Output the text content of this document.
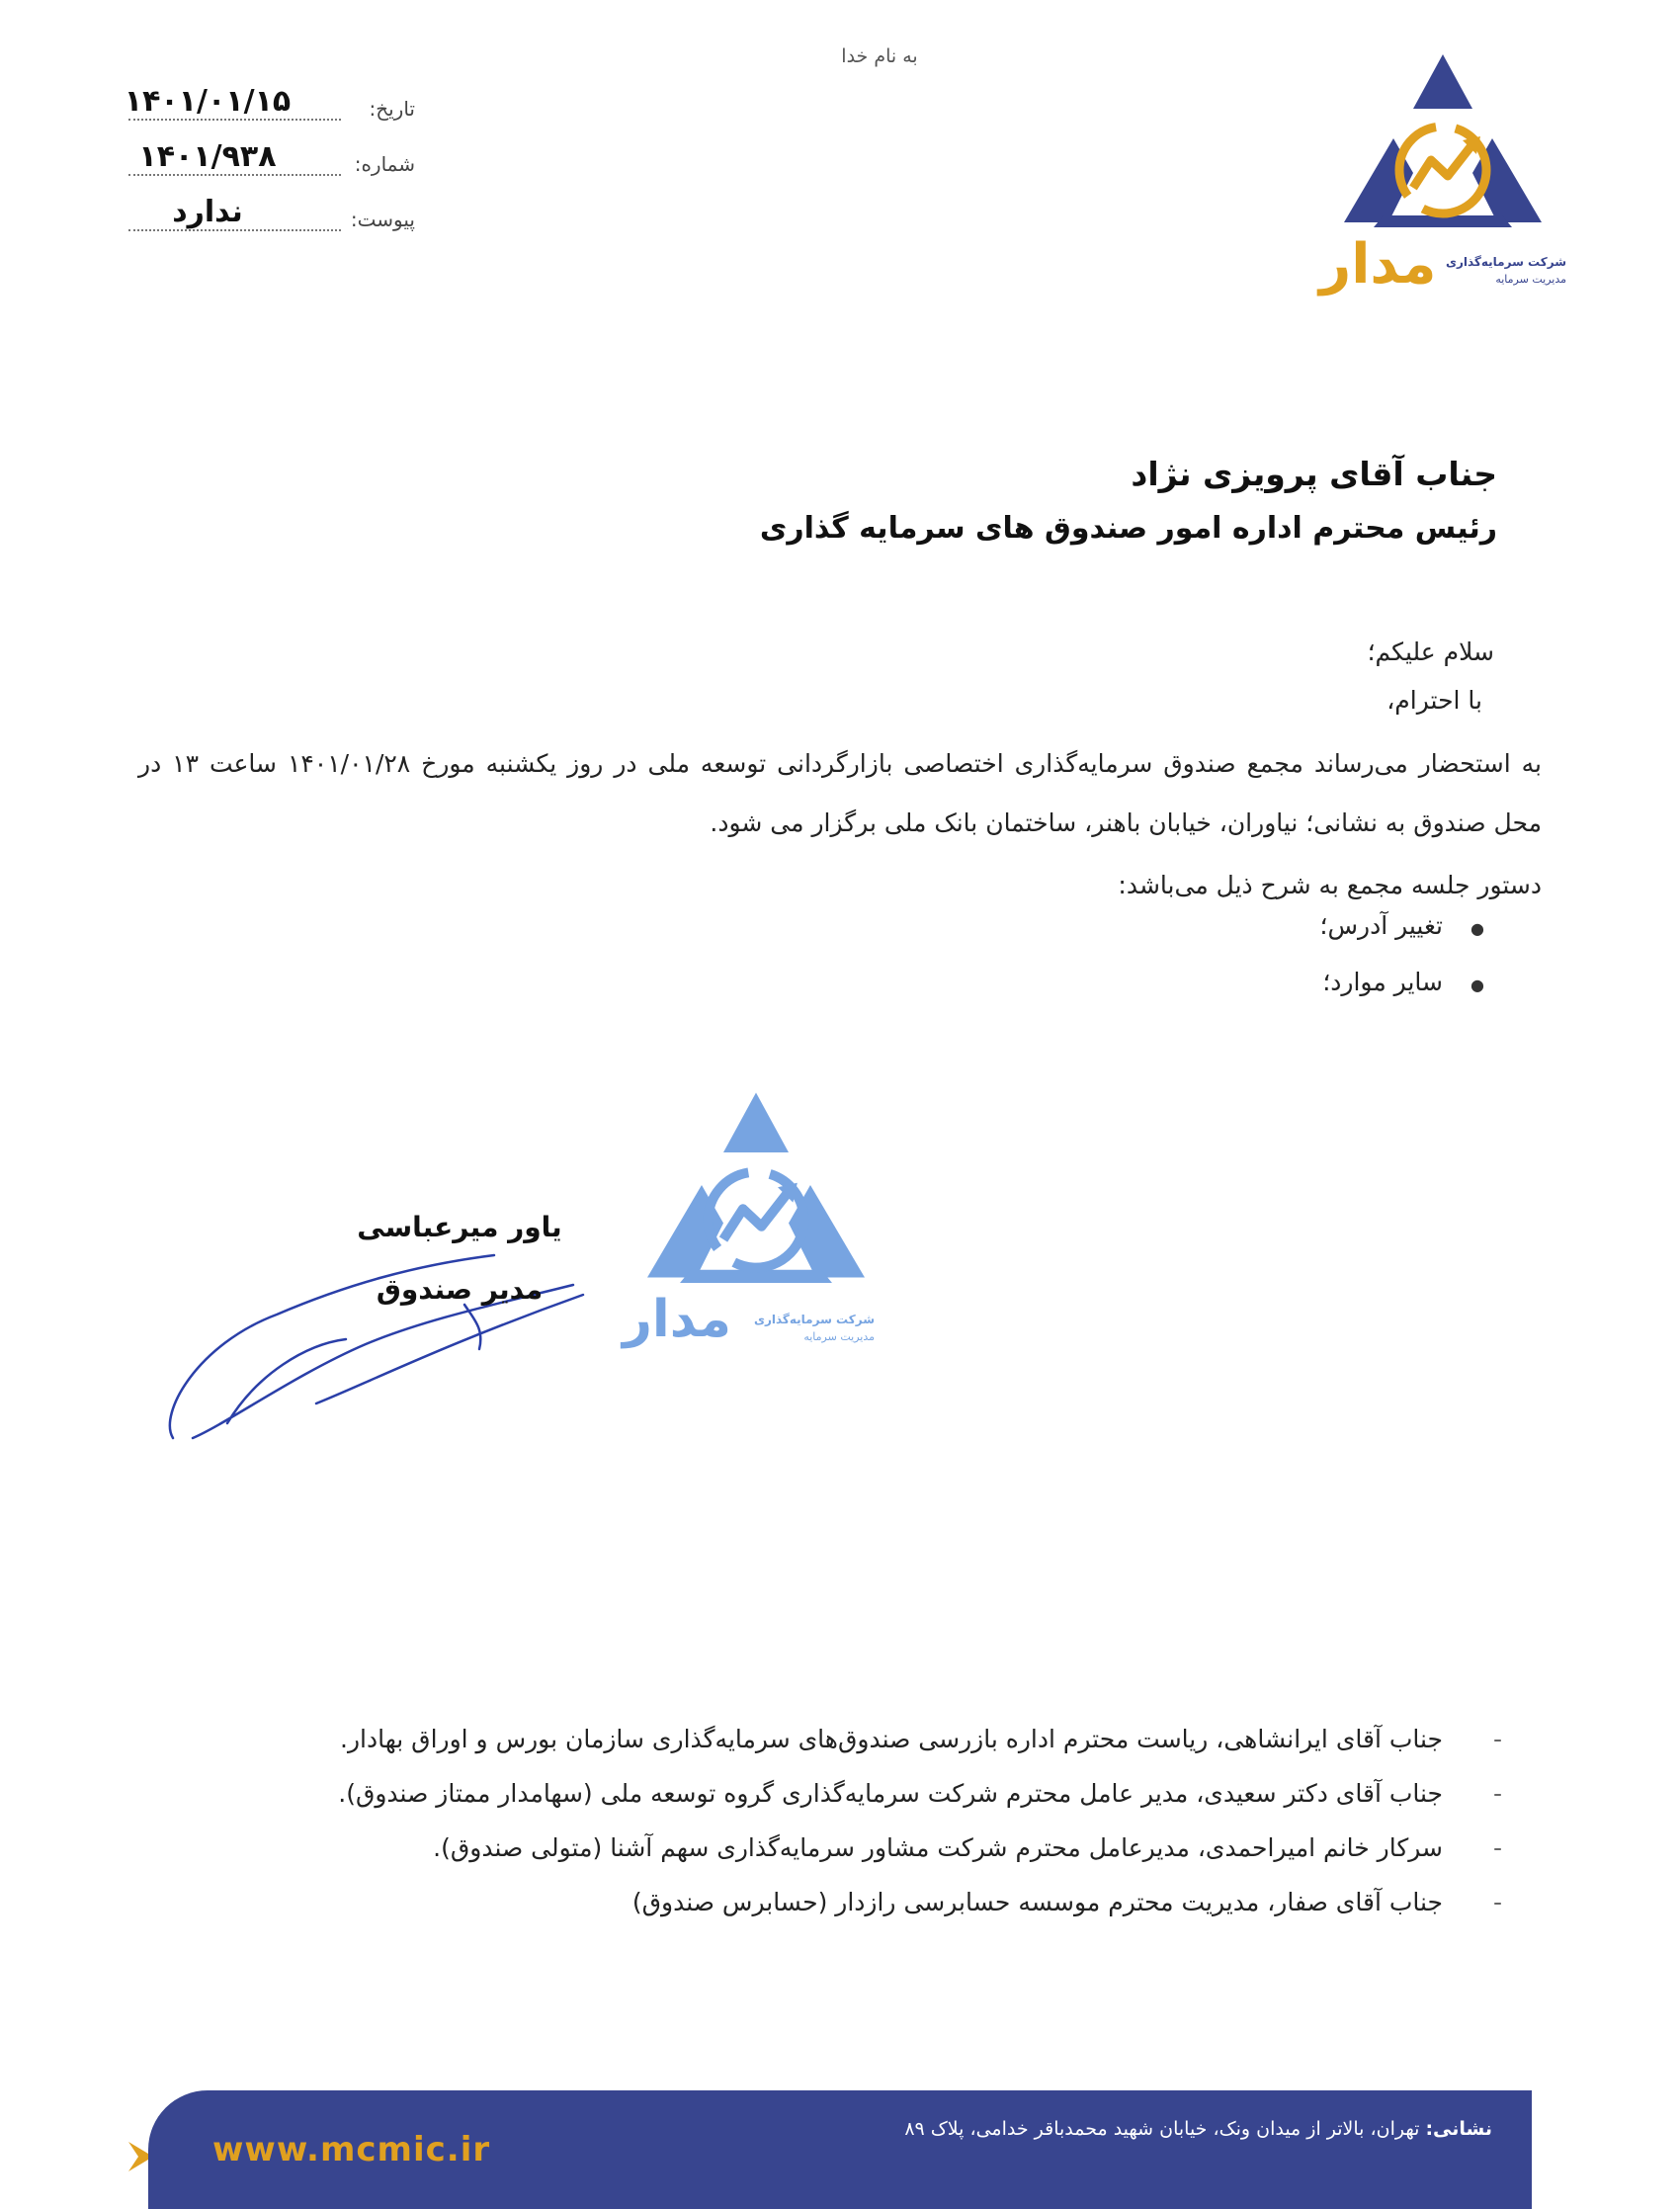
به نام خدا
تاریخ:
۱۴۰۱/۰۱/۱۵
شماره:
۱۴۰۱/۹۳۸
پیوست:
ندارد
مدار شرکت سرمایه‌گذاری
مدیریت سرمایه
جناب آقای پرویزی نژاد
رئیس محترم اداره امور صندوق های سرمایه گذاری

سلام علیکم؛

با احترام،

به استحضار می‌رساند مجمع صندوق سرمایه‌گذاری اختصاصی بازارگردانی توسعه ملی در روز یکشنبه مورخ ۱۴۰۱/۰۱/۲۸ ساعت ۱۳ در محل صندوق به نشانی؛ نیاوران، خیابان باهنر، ساختمان بانک ملی برگزار می شود.

دستور جلسه مجمع به شرح ذیل می‌باشد:

● تغییر آدرس؛
● سایر موارد؛
مدار	شرکت سرمایه‌گذاری
مدیریت سرمایه
یاور میرعباسی
مدیر صندوق
- جناب آقای ایرانشاهی، ریاست محترم اداره بازرسی صندوق‌های سرمایه‌گذاری سازمان بورس و اوراق بهادار.
- جناب آقای دکتر سعیدی، مدیر عامل محترم شرکت سرمایه‌گذاری گروه توسعه ملی (سهامدار ممتاز صندوق).
- سرکار خانم امیراحمدی، مدیرعامل محترم شرکت مشاور سرمایه‌گذاری سهم آشنا (متولی صندوق).
- جناب آقای صفار، مدیریت محترم موسسه حسابرسی رازدار (حسابرس صندوق)
نشانی: تهران، بالاتر از میدان ونک، خیابان شهید محمدباقر خدامی، پلاک ۸۹
www.mcmic.ir
